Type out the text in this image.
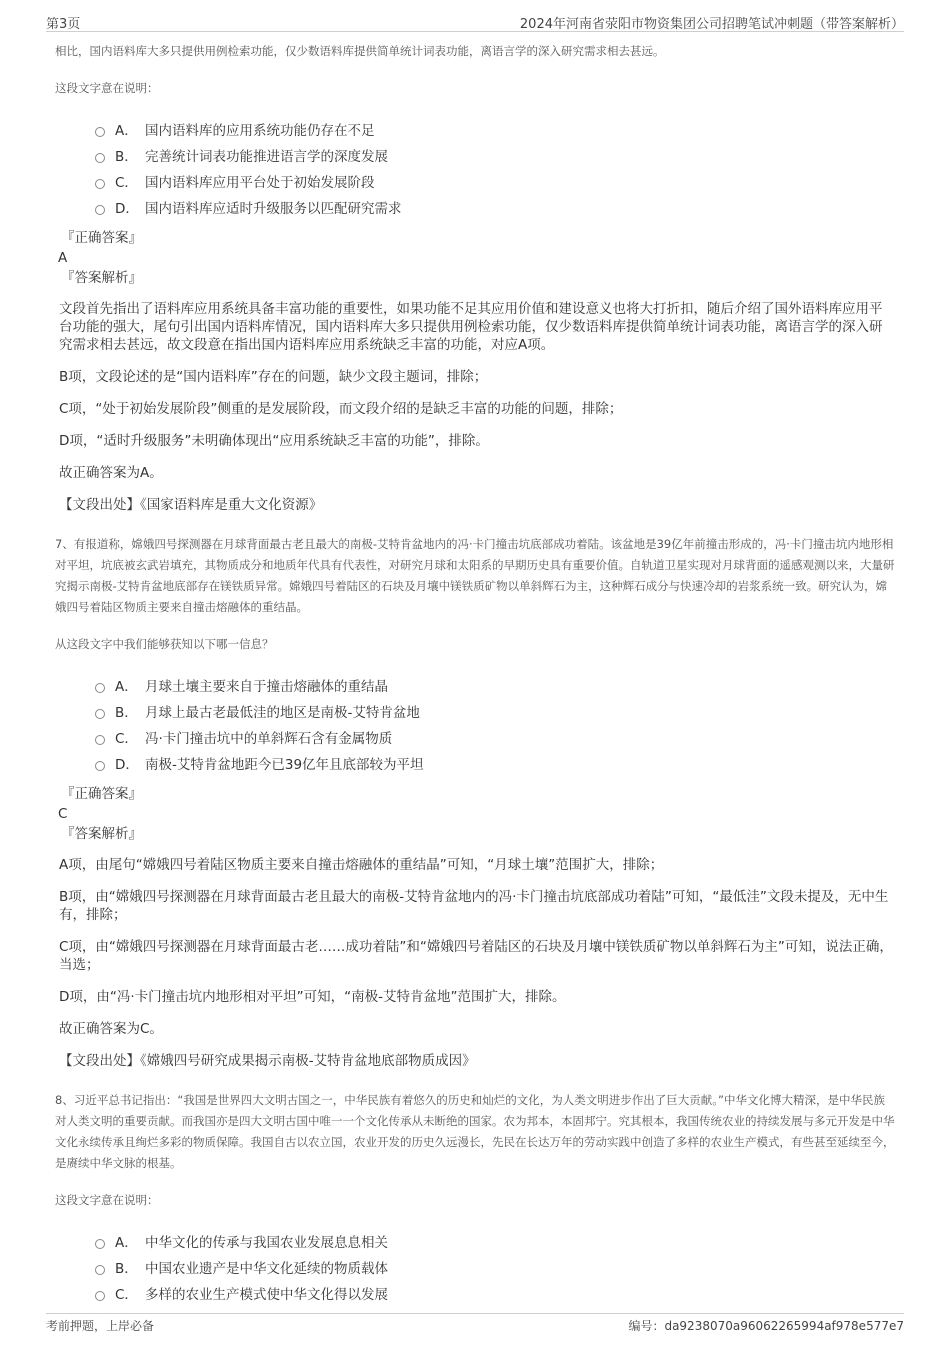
第3页	2024年河南省荥阳市物资集团公司招聘笔试冲刺题（带答案解析）

相比，国内语料库大多只提供用例检索功能，仅少数语料库提供简单统计词表功能，离语言学的深入研究需求相去甚远。

这段文字意在说明：

A． 国内语料库的应用系统功能仍存在不足
B． 完善统计词表功能推进语言学的深度发展
C． 国内语料库应用平台处于初始发展阶段
D． 国内语料库应适时升级服务以匹配研究需求
『正确答案』
A
『答案解析』

文段首先指出了语料库应用系统具备丰富功能的重要性，如果功能不足其应用价值和建设意义也将大打折扣，随后介绍了国外语料库应用平台功能的强大，尾句引出国内语料库情况，国内语料库大多只提供用例检索功能，仅少数语料库提供简单统计词表功能，离语言学的深入研究需求相去甚远，故文段意在指出国内语料库应用系统缺乏丰富的功能，对应A项。

B项，文段论述的是“国内语料库”存在的问题，缺少文段主题词，排除；

C项，“处于初始发展阶段”侧重的是发展阶段，而文段介绍的是缺乏丰富的功能的问题，排除；

D项，“适时升级服务”未明确体现出“应用系统缺乏丰富的功能”，排除。

故正确答案为A。

【文段出处】《国家语料库是重大文化资源》

7、有报道称，嫦娥四号探测器在月球背面最古老且最大的南极-艾特肯盆地内的冯·卡门撞击坑底部成功着陆。该盆地是39亿年前撞击形成的，冯·卡门撞击坑内地形相对平坦，坑底被玄武岩填充，其物质成分和地质年代具有代表性，对研究月球和太阳系的早期历史具有重要价值。自轨道卫星实现对月球背面的遥感观测以来，大量研究揭示南极-艾特肯盆地底部存在镁铁质异常。嫦娥四号着陆区的石块及月壤中镁铁质矿物以单斜辉石为主，这种辉石成分与快速冷却的岩浆系统一致。研究认为，嫦娥四号着陆区物质主要来自撞击熔融体的重结晶。

从这段文字中我们能够获知以下哪一信息？

A． 月球土壤主要来自于撞击熔融体的重结晶
B． 月球上最古老最低洼的地区是南极-艾特肯盆地
C． 冯·卡门撞击坑中的单斜辉石含有金属物质
D． 南极-艾特肯盆地距今已39亿年且底部较为平坦
『正确答案』
C
『答案解析』

A项，由尾句“嫦娥四号着陆区物质主要来自撞击熔融体的重结晶”可知，“月球土壤”范围扩大，排除；

B项，由“嫦娥四号探测器在月球背面最古老且最大的南极-艾特肯盆地内的冯·卡门撞击坑底部成功着陆”可知，“最低洼”文段未提及，无中生有，排除；

C项，由“嫦娥四号探测器在月球背面最古老……成功着陆”和“嫦娥四号着陆区的石块及月壤中镁铁质矿物以单斜辉石为主”可知，说法正确，当选；

D项，由“冯·卡门撞击坑内地形相对平坦”可知，“南极-艾特肯盆地”范围扩大，排除。

故正确答案为C。

【文段出处】《嫦娥四号研究成果揭示南极-艾特肯盆地底部物质成因》

8、习近平总书记指出：“我国是世界四大文明古国之一，中华民族有着悠久的历史和灿烂的文化，为人类文明进步作出了巨大贡献。”中华文化博大精深，是中华民族对人类文明的重要贡献。而我国亦是四大文明古国中唯一一个文化传承从未断绝的国家。农为邦本，本固邦宁。究其根本，我国传统农业的持续发展与多元开发是中华文化永续传承且绚烂多彩的物质保障。我国自古以农立国，农业开发的历史久远漫长，先民在长达万年的劳动实践中创造了多样的农业生产模式，有些甚至延续至今，是赓续中华文脉的根基。

这段文字意在说明：

A． 中华文化的传承与我国农业发展息息相关
B． 中国农业遗产是中华文化延续的物质载体
C． 多样的农业生产模式使中华文化得以发展
考前押题，上岸必备	编号：da9238070a96062265994af978e577e7
